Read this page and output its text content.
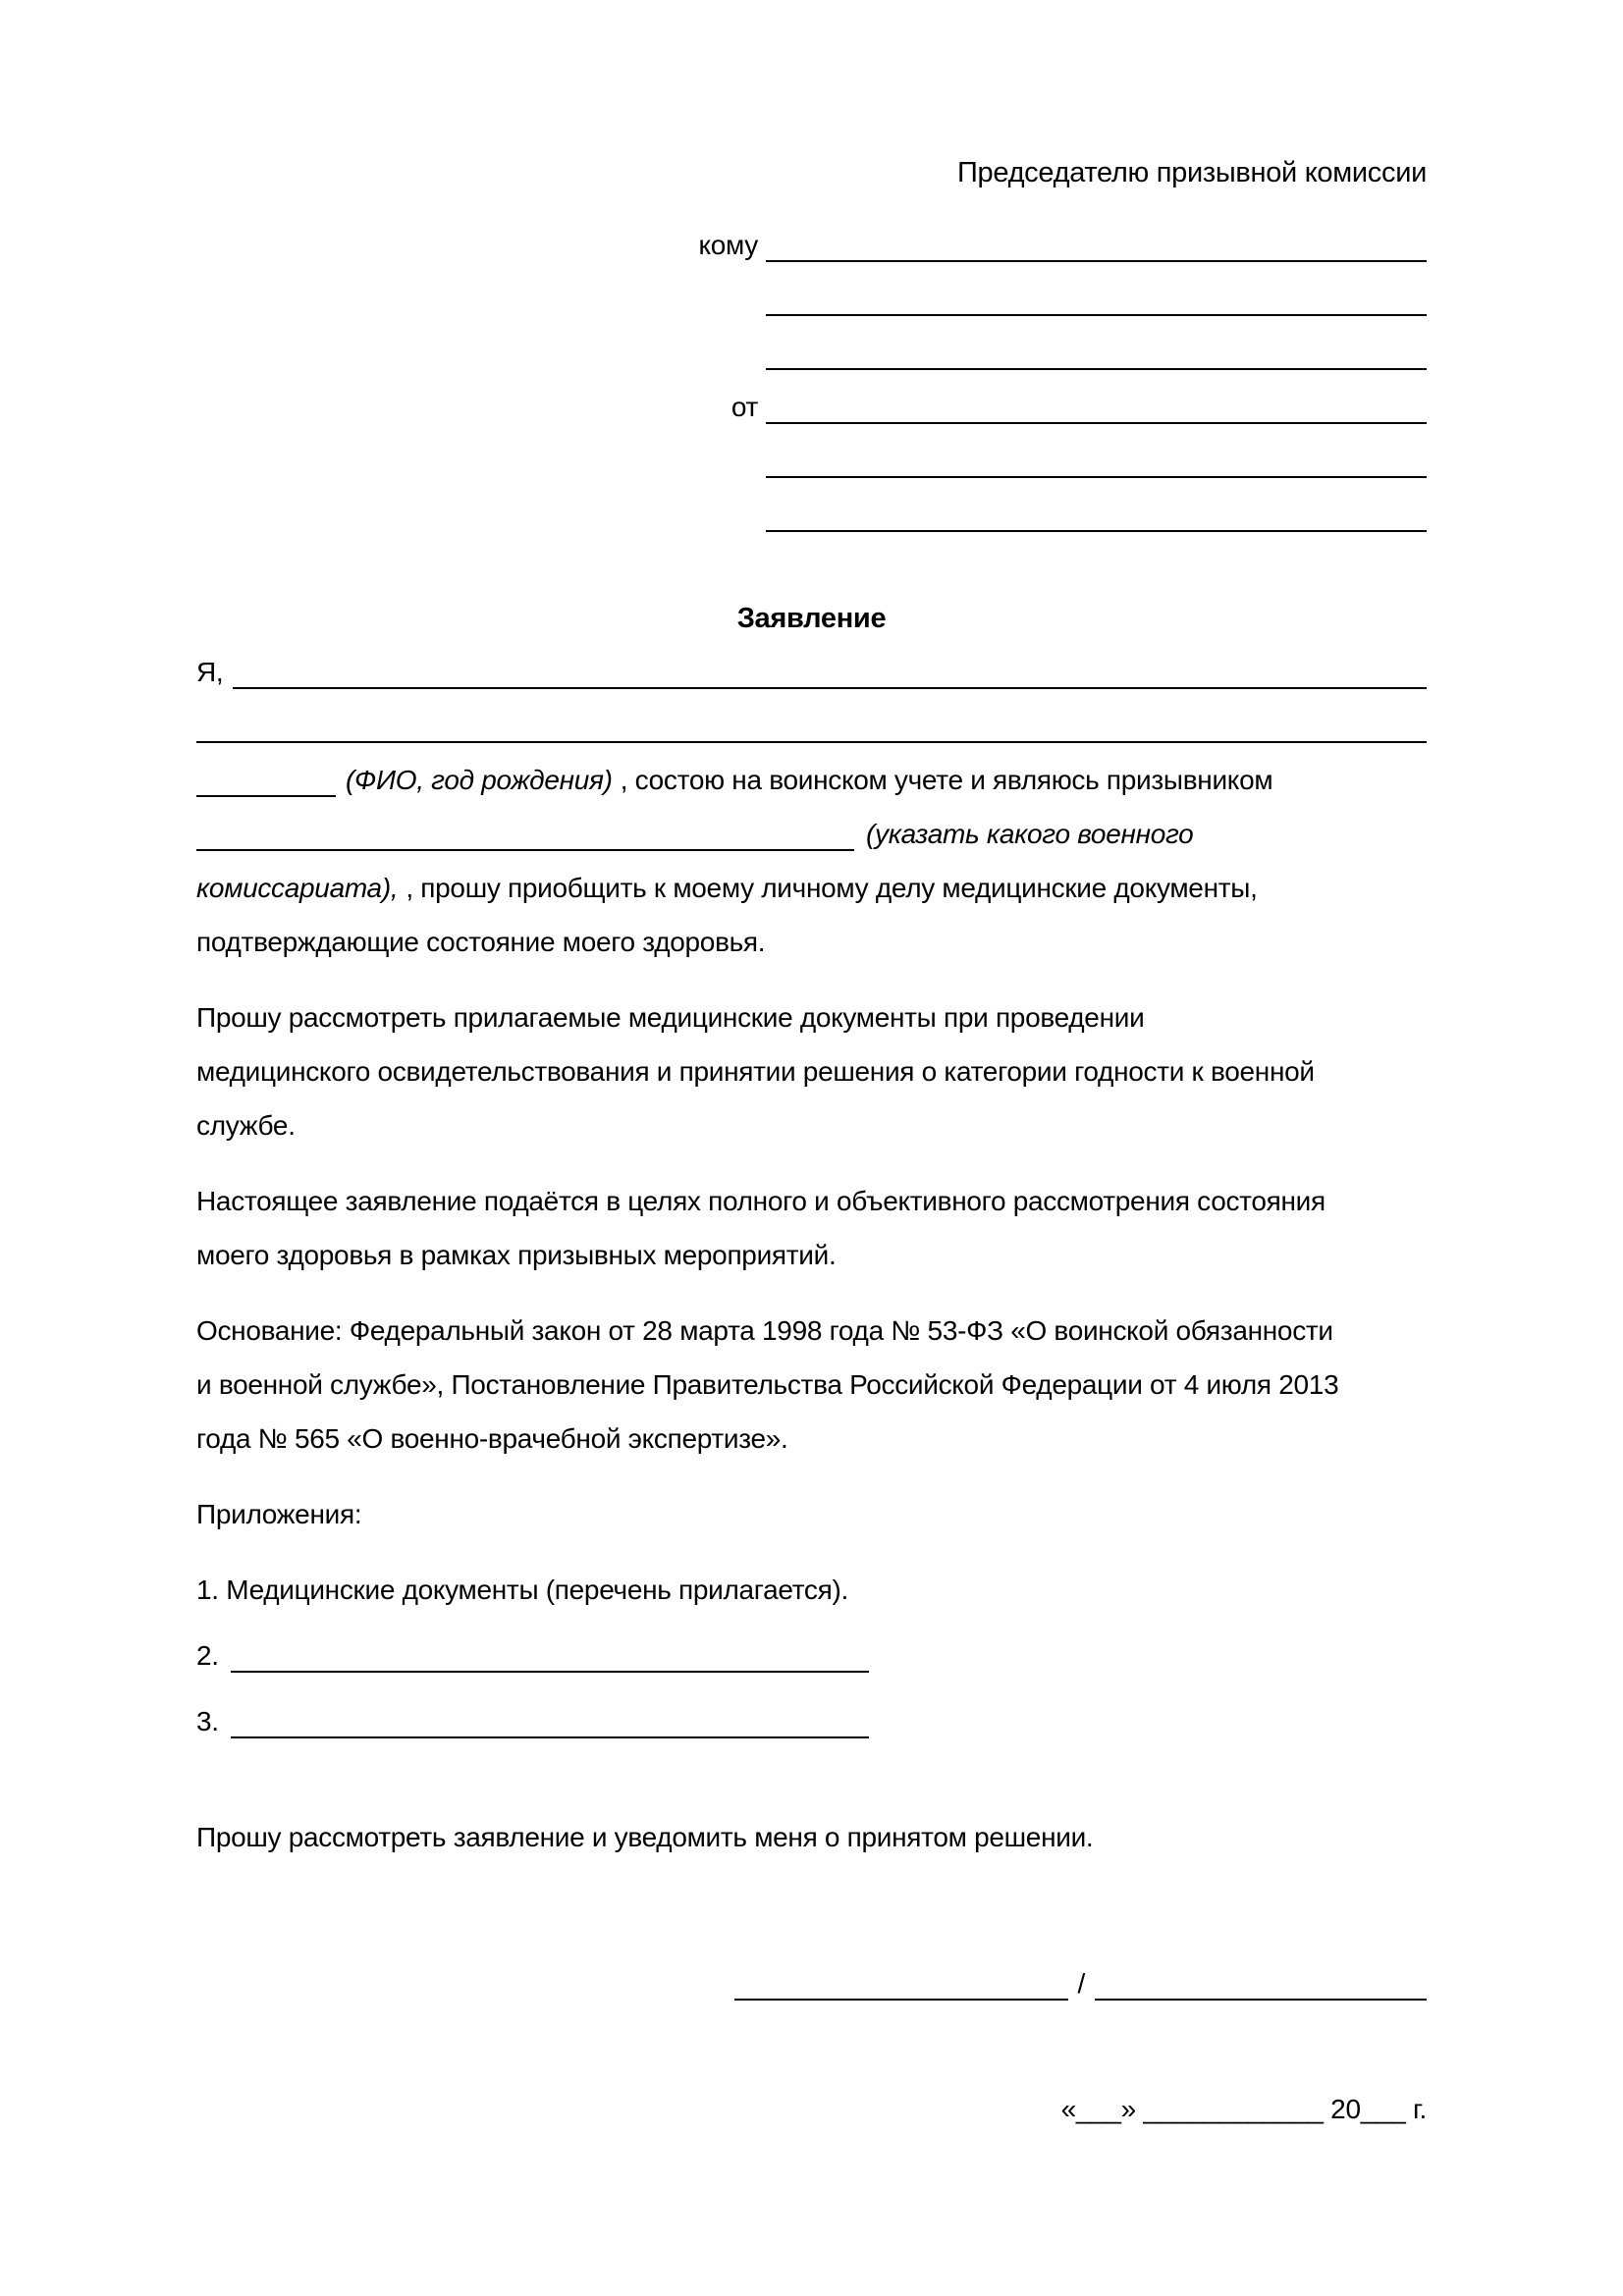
Председателю призывной комиссии
кому
от
Заявление
Я,
(ФИО, год рождения) , состою на воинском учете и являюсь призывником
(указать какого военного
комиссариата), , прошу приобщить к моему личному делу медицинские документы,
подтверждающие состояние моего здоровья.
Прошу рассмотреть прилагаемые медицинские документы при проведении
медицинского освидетельствования и принятии решения о категории годности к военной
службе.
Настоящее заявление подаётся в целях полного и объективного рассмотрения состояния
моего здоровья в рамках призывных мероприятий.
Основание: Федеральный закон от 28 марта 1998 года № 53-ФЗ «О воинской обязанности
и военной службе», Постановление Правительства Российской Федерации от 4 июля 2013
года № 565 «О военно-врачебной экспертизе».
Приложения:
1. Медицинские документы (перечень прилагается).
2.
3.
Прошу рассмотреть заявление и уведомить меня о принятом решении.
/
«___» ____________ 20___ г.
